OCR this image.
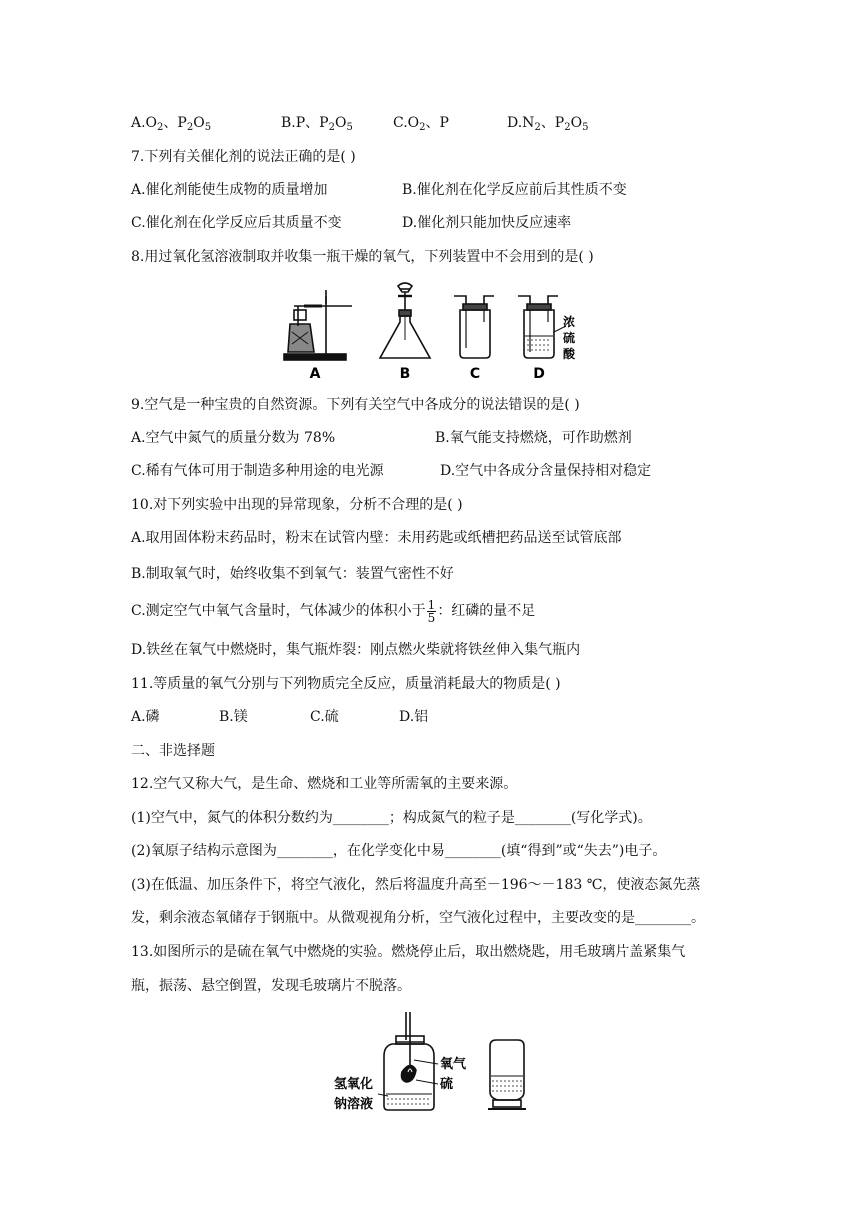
$A.O_2$、$P_2O_5$	B.P、$P_2O_5$	$C.O_2$、P	$D.N_2$、$P_2O_5$
7.下列有关催化剂的说法正确的是( )
A.催化剂能使生成物的质量增加	B.催化剂在化学反应前后其性质不变
C.催化剂在化学反应后其质量不变	D.催化剂只能加快反应速率
8.用过氧化氢溶液制取并收集一瓶干燥的氧气，下列装置中不会用到的是( )
A	B	C	D
浓
硫
酸
9.空气是一种宝贵的自然资源。下列有关空气中各成分的说法错误的是( )
A.空气中氮气的质量分数为 78%	B.氧气能支持燃烧，可作助燃剂
C.稀有气体可用于制造多种用途的电光源	D.空气中各成分含量保持相对稳定
10.对下列实验中出现的异常现象，分析不合理的是( )
A.取用固体粉末药品时，粉末在试管内壁：未用药匙或纸槽把药品送至试管底部
B.制取氧气时，始终收集不到氧气：装置气密性不好
C.测定空气中氧气含量时，气体减少的体积小于 $\frac{1}{5}$ ：红磷的量不足
D.铁丝在氧气中燃烧时，集气瓶炸裂：刚点燃火柴就将铁丝伸入集气瓶内
11.等质量的氧气分别与下列物质完全反应，质量消耗最大的物质是( )
A.磷	B.镁	C.硫	D.铝
二、非选择题
12.空气又称大气，是生命、燃烧和工业等所需氧的主要来源。
(1)空气中，氮气的体积分数约为________；构成氮气的粒子是________(写化学式)。
(2)氧原子结构示意图为________，在化学变化中易________(填“得到”或“失去”)电子。
(3)在低温、加压条件下，将空气液化，然后将温度升高至－196～－183 ℃，使液态氮先蒸
发，剩余液态氧储存于钢瓶中。从微观视角分析，空气液化过程中，主要改变的是________。
13.如图所示的是硫在氧气中燃烧的实验。燃烧停止后，取出燃烧匙，用毛玻璃片盖紧集气
瓶，振荡、悬空倒置，发现毛玻璃片不脱落。
氧气
硫
氢氧化
钠溶液
